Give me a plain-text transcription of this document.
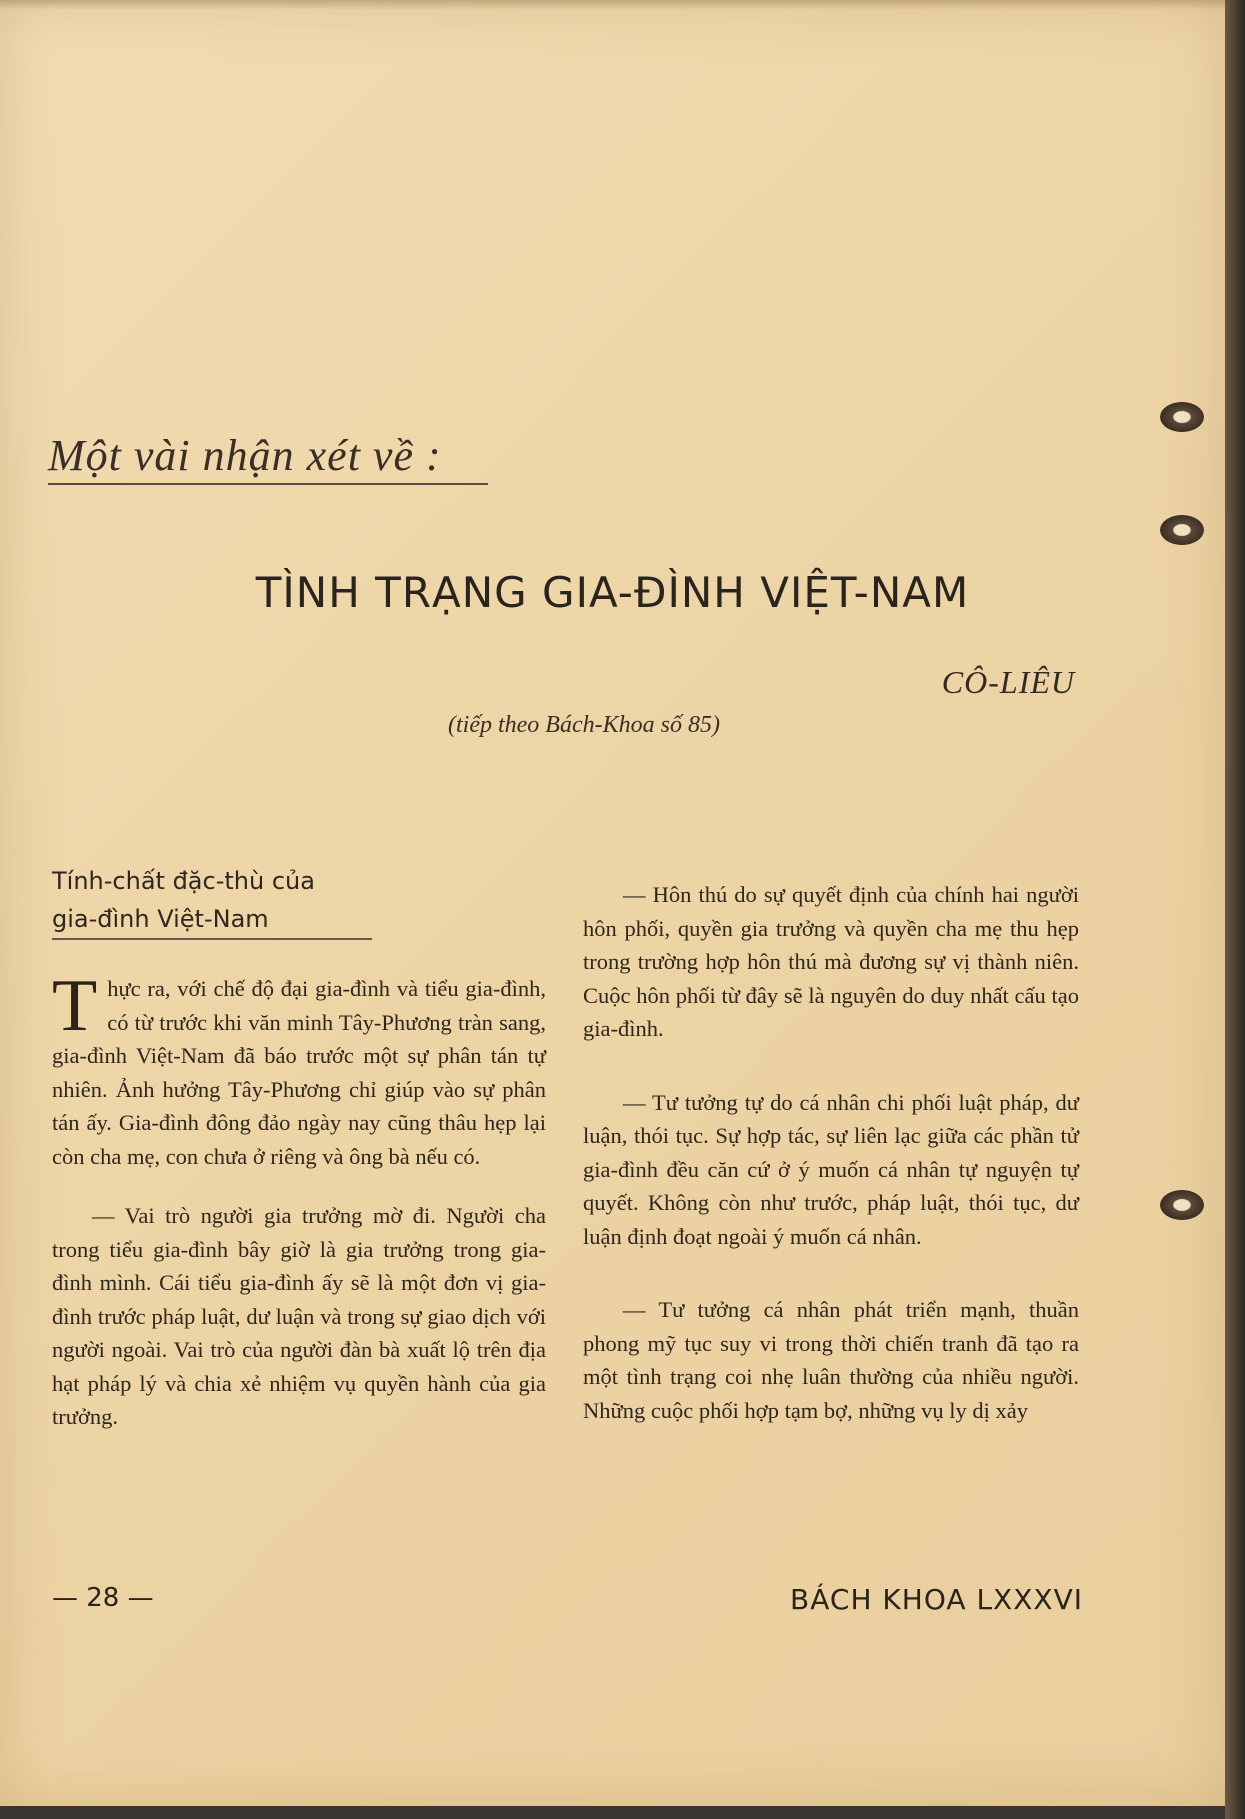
Một vài nhận xét về :
TÌNH TRẠNG GIA-ĐÌNH VIỆT-NAM
CÔ-LIÊU
(tiếp theo Bách-Khoa số 85)
Tính-chất đặc-thù của
gia-đình Việt-Nam

T hực ra, với chế độ đại gia-đình và tiểu gia-đình, có từ trước khi văn minh Tây-Phương tràn sang, gia-đình Việt-Nam đã báo trước một sự phân tán tự nhiên. Ảnh hưởng Tây-Phương chỉ giúp vào sự phân tán ấy. Gia-đình đông đảo ngày nay cũng thâu hẹp lại còn cha mẹ, con chưa ở riêng và ông bà nếu có.

— Vai trò người gia trưởng mờ đi. Người cha trong tiểu gia-đình bây giờ là gia trưởng trong gia-đình mình. Cái tiểu gia-đình ấy sẽ là một đơn vị gia-đình trước pháp luật, dư luận và trong sự giao dịch với người ngoài. Vai trò của người đàn bà xuất lộ trên địa hạt pháp lý và chia xẻ nhiệm vụ quyền hành của gia trưởng.

— Hôn thú do sự quyết định của chính hai người hôn phối, quyền gia trưởng và quyền cha mẹ thu hẹp trong trường hợp hôn thú mà đương sự vị thành niên. Cuộc hôn phối từ đây sẽ là nguyên do duy nhất cấu tạo gia-đình.

— Tư tưởng tự do cá nhân chi phối luật pháp, dư luận, thói tục. Sự hợp tác, sự liên lạc giữa các phần tử gia-đình đều căn cứ ở ý muốn cá nhân tự nguyện tự quyết. Không còn như trước, pháp luật, thói tục, dư luận định đoạt ngoài ý muốn cá nhân.

— Tư tưởng cá nhân phát triển mạnh, thuần phong mỹ tục suy vi trong thời chiến tranh đã tạo ra một tình trạng coi nhẹ luân thường của nhiều người. Những cuộc phối hợp tạm bợ, những vụ ly dị xảy

— 28 —	BÁCH KHOA LXXXVI
